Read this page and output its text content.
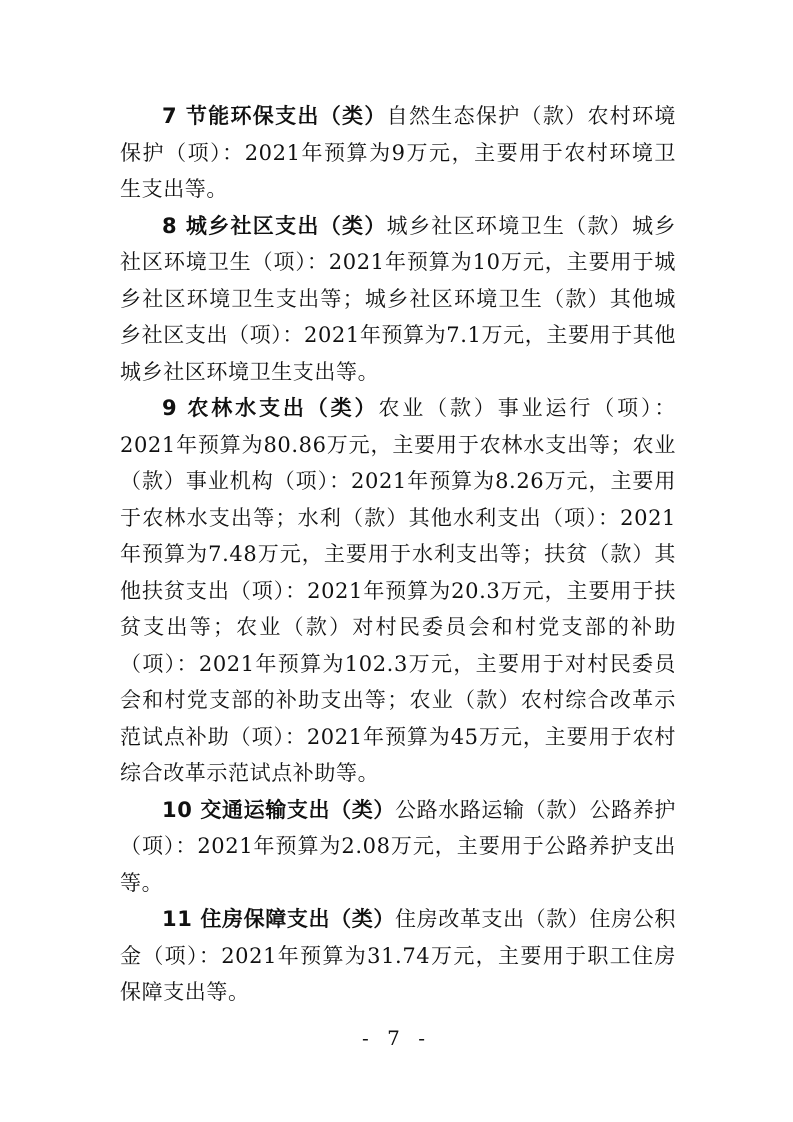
7 节能环保支出（类）自然生态保护（款）农村环境保护（项）：2021年预算为9万元，主要用于农村环境卫生支出等。

8 城乡社区支出（类）城乡社区环境卫生（款）城乡社区环境卫生（项）：2021年预算为10万元，主要用于城乡社区环境卫生支出等；城乡社区环境卫生（款）其他城乡社区支出（项）：2021年预算为7.1万元，主要用于其他城乡社区环境卫生支出等。

9 农林水支出（类）农业（款）事业运行（项）：2021年预算为80.86万元，主要用于农林水支出等；农业（款）事业机构（项）：2021年预算为8.26万元，主要用于农林水支出等；水利（款）其他水利支出（项）：2021年预算为7.48万元，主要用于水利支出等；扶贫（款）其他扶贫支出（项）：2021年预算为20.3万元，主要用于扶贫支出等；农业（款）对村民委员会和村党支部的补助（项）：2021年预算为102.3万元，主要用于对村民委员会和村党支部的补助支出等；农业（款）农村综合改革示范试点补助（项）：2021年预算为45万元，主要用于农村综合改革示范试点补助等。

10 交通运输支出（类）公路水路运输（款）公路养护（项）：2021年预算为2.08万元，主要用于公路养护支出等。

11 住房保障支出（类）住房改革支出（款）住房公积金（项）：2021年预算为31.74万元，主要用于职工住房保障支出等。

- 7 -
